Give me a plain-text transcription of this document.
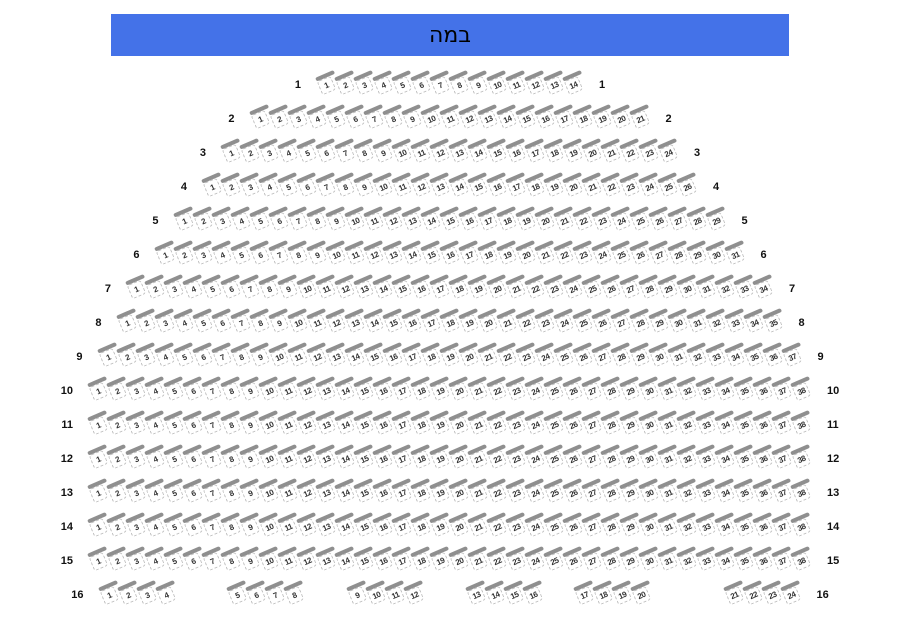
במה
1	1 2 3 4 5 6 7 8 9 10 11 12 13 14 1
2	1 2 3 4 5 6 7 8 9 10 11 12 13 14 15 16 17 18 19 20 21 2
3	1 2 3 4 5 6 7 8 9 10 11 12 13 14 15 16 17 18 19 20 21 22 23 24 3
4	1 2 3 4 5 6 7 8 9 10 11 12 13 14 15 16 17 18 19 20 21 22 23 24 25 26 4
5	1 2 3 4 5 6 7 8 9 10 11 12 13 14 15 16 17 18 19 20 21 22 23 24 25 26 27 28 29 5
6	1 2 3 4 5 6 7 8 9 10 11 12 13 14 15 16 17 18 19 20 21 22 23 24 25 26 27 28 29 30 31 6
7	1 2 3 4 5 6 7 8 9 10 11 12 13 14 15 16 17 18 19 20 21 22 23 24 25 26 27 28 29 30 31 32 33 34 7
8	1 2 3 4 5 6 7 8 9 10 11 12 13 14 15 16 17 18 19 20 21 22 23 24 25 26 27 28 29 30 31 32 33 34 35 8
9	1 2 3 4 5 6 7 8 9 10 11 12 13 14 15 16 17 18 19 20 21 22 23 24 25 26 27 28 29 30 31 32 33 34 35 36 37 9
10	1 2 3 4 5 6 7 8 9 10 11 12 13 14 15 16 17 18 19 20 21 22 23 24 25 26 27 28 29 30 31 32 33 34 35 36 37 38 10
11	1 2 3 4 5 6 7 8 9 10 11 12 13 14 15 16 17 18 19 20 21 22 23 24 25 26 27 28 29 30 31 32 33 34 35 36 37 38 11
12	1 2 3 4 5 6 7 8 9 10 11 12 13 14 15 16 17 18 19 20 21 22 23 24 25 26 27 28 29 30 31 32 33 34 35 36 37 38 12
13	1 2 3 4 5 6 7 8 9 10 11 12 13 14 15 16 17 18 19 20 21 22 23 24 25 26 27 28 29 30 31 32 33 34 35 36 37 38 13
14	1 2 3 4 5 6 7 8 9 10 11 12 13 14 15 16 17 18 19 20 21 22 23 24 25 26 27 28 29 30 31 32 33 34 35 36 37 38 14
15	1 2 3 4 5 6 7 8 9 10 11 12 13 14 15 16 17 18 19 20 21 22 23 24 25 26 27 28 29 30 31 32 33 34 35 36 37 38 15
16	1 2 3 4	5 6 7 8	9 10 11 12	13 14 15 16	17 18 19 20	21 22 23 24 16
